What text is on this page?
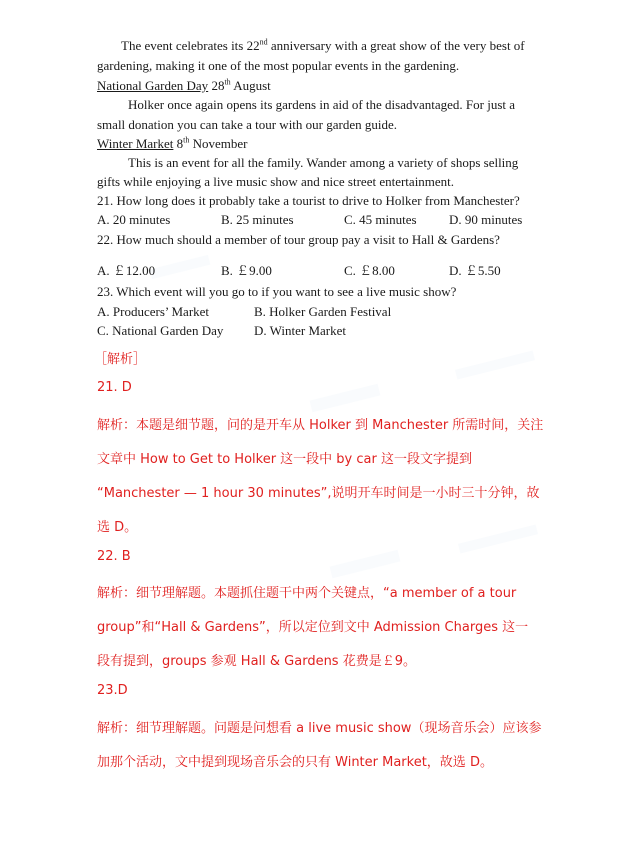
The event celebrates its 22nd anniversary with a great show of the very best of
gardening, making it one of the most popular events in the gardening.
National Garden Day 28th August
Holker once again opens its gardens in aid of the disadvantaged. For just a
small donation you can take a tour with our garden guide.
Winter Market 8th November
This is an event for all the family. Wander among a variety of shops selling
gifts while enjoying a live music show and nice street entertainment.
21. How long does it probably take a tourist to drive to Holker from Manchester?
A. 20 minutes	B. 25 minutes	C. 45 minutes D. 90 minutes
22. How much should a member of tour group pay a visit to Hall & Gardens?
A. ￡12.00	B. ￡9.00	C. ￡8.00	D. ￡5.50
23. Which event will you go to if you want to see a live music show?
A. Producers’ Market	B. Holker Garden Festival
C. National Garden Day D. Winter Market
［解析］
21. D
解析：本题是细节题，问的是开车从 Holker 到 Manchester 所需时间，关注
文章中 How to Get to Holker 这一段中 by car 这一段文字提到
“Manchester — 1 hour 30 minutes”,说明开车时间是一小时三十分钟，故
选 D。
22. B
解析：细节理解题。本题抓住题干中两个关键点，“a member of a tour
group”和“Hall & Gardens”，所以定位到文中 Admission Charges 这一
段有提到，groups 参观 Hall & Gardens 花费是￡9。
23.D
解析：细节理解题。问题是问想看 a live music show（现场音乐会）应该参
加那个活动，文中提到现场音乐会的只有 Winter Market，故选 D。
